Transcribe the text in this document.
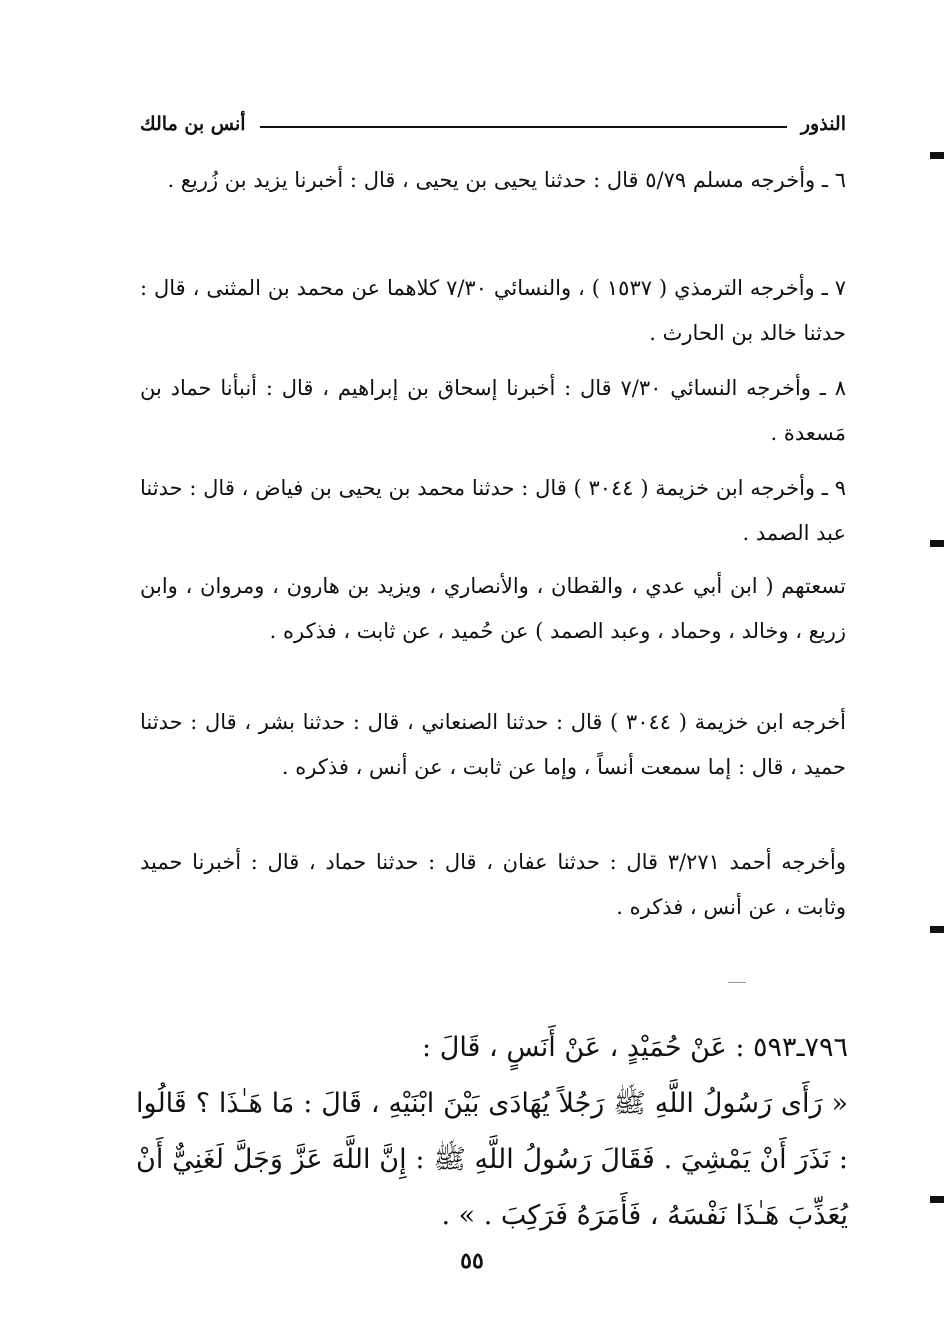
النذور
أنس بن مالك

٦ ـ وأخرجه مسلم ٥/٧٩ قال : حدثنا يحيى بن يحيى ، قال : أخبرنا يزيد بن زُريع .

٧ ـ وأخرجه الترمذي ( ١٥٣٧ ) ، والنسائي ٧/٣٠ كلاهما عن محمد بن المثنى ، قال : حدثنا خالد بن الحارث .

٨ ـ وأخرجه النسائي ٧/٣٠ قال : أخبرنا إسحاق بن إبراهيم ، قال : أنبأنا حماد بن مَسعدة .

٩ ـ وأخرجه ابن خزيمة ( ٣٠٤٤ ) قال : حدثنا محمد بن يحيى بن فياض ، قال : حدثنا عبد الصمد .

تسعتهم ( ابن أبي عدي ، والقطان ، والأنصاري ، ويزيد بن هارون ، ومروان ، وابن زريع ، وخالد ، وحماد ، وعبد الصمد ) عن حُميد ، عن ثابت ، فذكره .

أخرجه ابن خزيمة ( ٣٠٤٤ ) قال : حدثنا الصنعاني ، قال : حدثنا بشر ، قال : حدثنا حميد ، قال : إما سمعت أنساً ، وإما عن ثابت ، عن أنس ، فذكره .

وأخرجه أحمد ٣/٢٧١ قال : حدثنا عفان ، قال : حدثنا حماد ، قال : أخبرنا حميد وثابت ، عن أنس ، فذكره .

٧٩٦ـ٥٩٣ : عَنْ حُمَيْدٍ ، عَنْ أَنَسٍ ، قَالَ :

« رَأَى رَسُولُ اللَّهِ ﷺ رَجُلاً يُهَادَى بَيْنَ ابْنَيْهِ ، قَالَ : مَا هَـٰذَا ؟ قَالُوا : نَذَرَ أَنْ يَمْشِيَ . فَقَالَ رَسُولُ اللَّهِ ﷺ : إِنَّ اللَّهَ عَزَّ وَجَلَّ لَغَنِيٌّ أَنْ يُعَذِّبَ هَـٰذَا نَفْسَهُ ، فَأَمَرَهُ فَرَكِبَ . » .

٥٥
